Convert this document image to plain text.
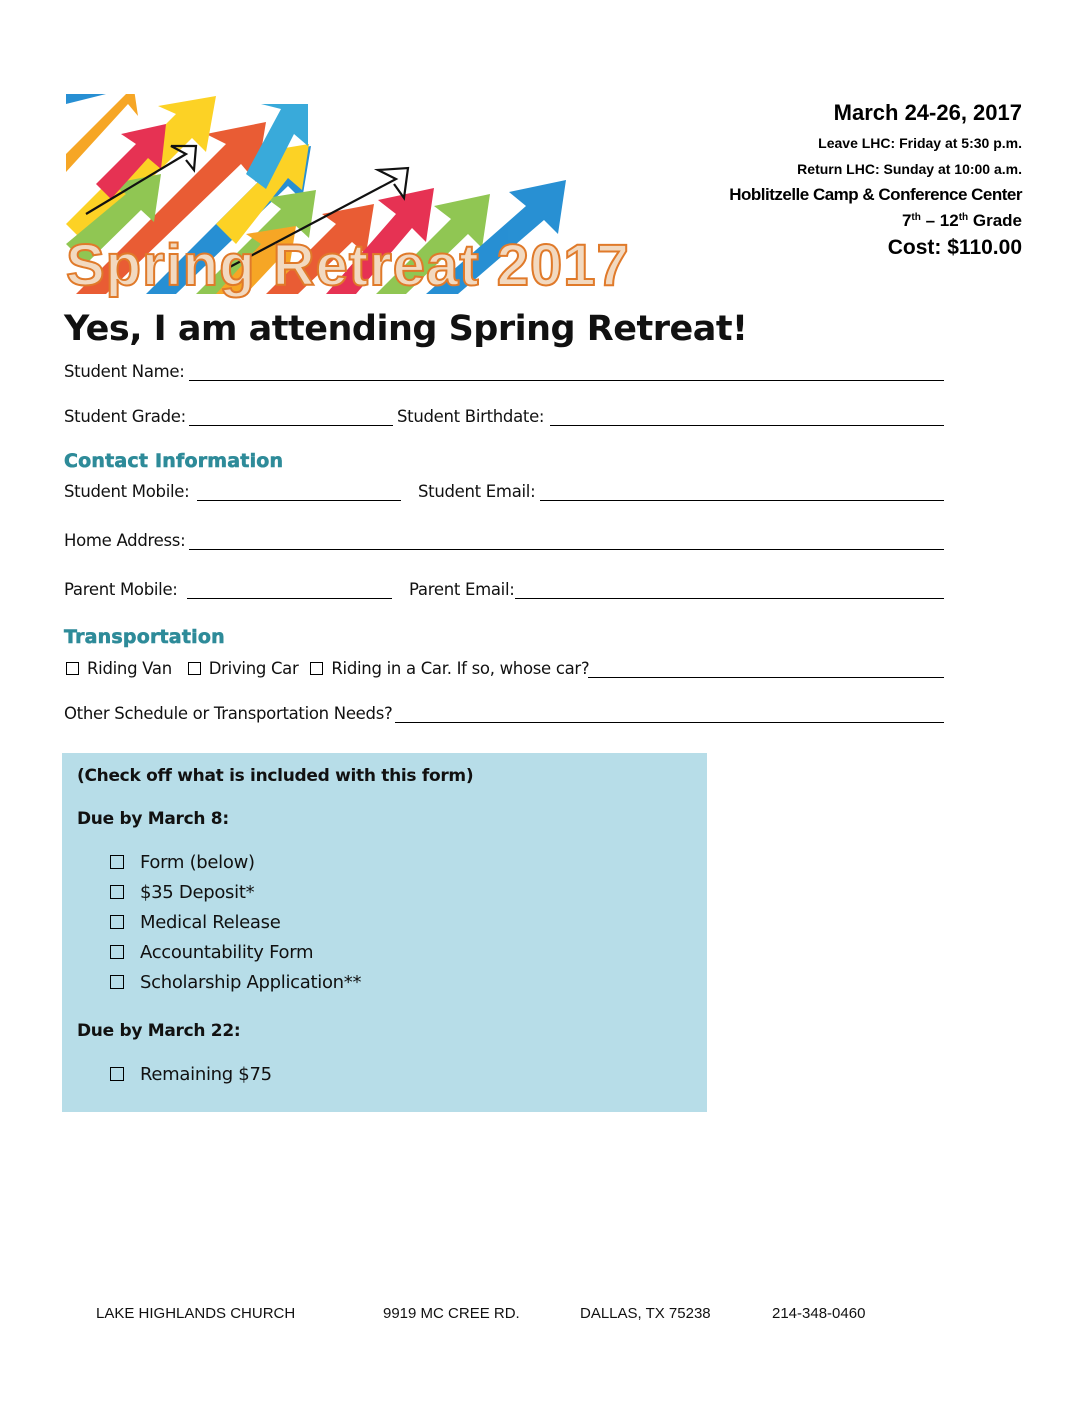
Spring Retreat 2017
March 24-26, 2017
Leave LHC: Friday at 5:30 p.m.
Return LHC: Sunday at 10:00 a.m.
Hoblitzelle Camp & Conference Center
7th – 12th Grade
Cost: $110.00
Yes, I am attending Spring Retreat!
Student Name:
Student Grade:	Student Birthdate:
Contact Information
Student Mobile:	Student Email:
Home Address:
Parent Mobile:	Parent Email:
Transportation
Riding Van Driving Car Riding in a Car. If so, whose car?
Other Schedule or Transportation Needs?
(Check off what is included with this form)
Due by March 8:
Form (below)
$35 Deposit*
Medical Release
Accountability Form
Scholarship Application**
Due by March 22:
Remaining $75
LAKE HIGHLANDS CHURCH	9919 MC CREE RD.	DALLAS, TX 75238	214-348-0460
